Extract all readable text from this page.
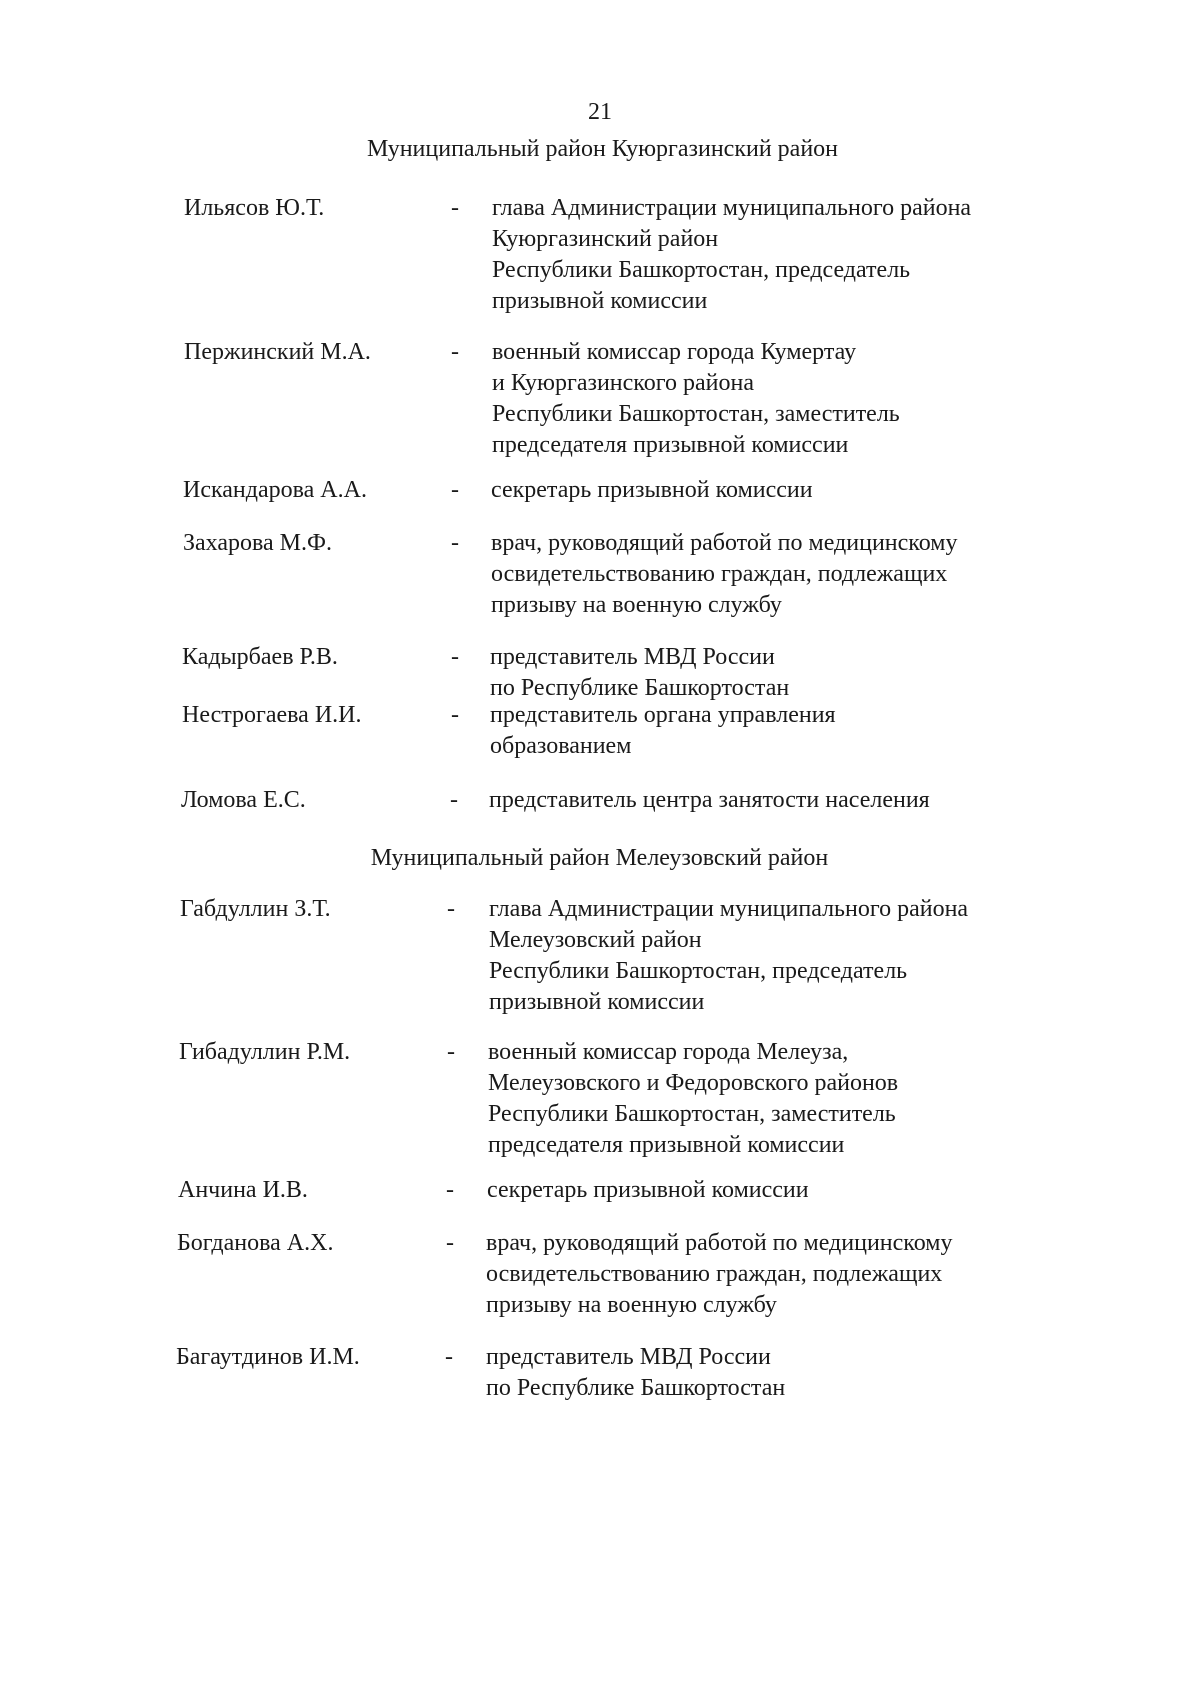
21
Муниципальный район Куюргазинский район
Ильясов Ю.Т.	- глава Администрации муниципального района
Куюргазинский район
Республики Башкортостан, председатель
призывной комиссии
Пержинский М.А.	- военный комиссар города Кумертау
и Куюргазинского района
Республики Башкортостан, заместитель
председателя призывной комиссии
Искандарова А.А.	- секретарь призывной комиссии
Захарова М.Ф.	- врач, руководящий работой по медицинскому
освидетельствованию граждан, подлежащих
призыву на военную службу
Кадырбаев Р.В.	- представитель МВД России
по Республике Башкортостан
Нестрогаева И.И.	- представитель органа управления
образованием
Ломова Е.С.	- представитель центра занятости населения
Муниципальный район Мелеузовский район
Габдуллин З.Т.	- глава Администрации муниципального района
Мелеузовский район
Республики Башкортостан, председатель
призывной комиссии
Гибадуллин Р.М.	- военный комиссар города Мелеуза,
Мелеузовского и Федоровского районов
Республики Башкортостан, заместитель
председателя призывной комиссии
Анчина И.В.	- секретарь призывной комиссии
Богданова А.Х.	- врач, руководящий работой по медицинскому
освидетельствованию граждан, подлежащих
призыву на военную службу
Багаутдинов И.М.	- представитель МВД России
по Республике Башкортостан
